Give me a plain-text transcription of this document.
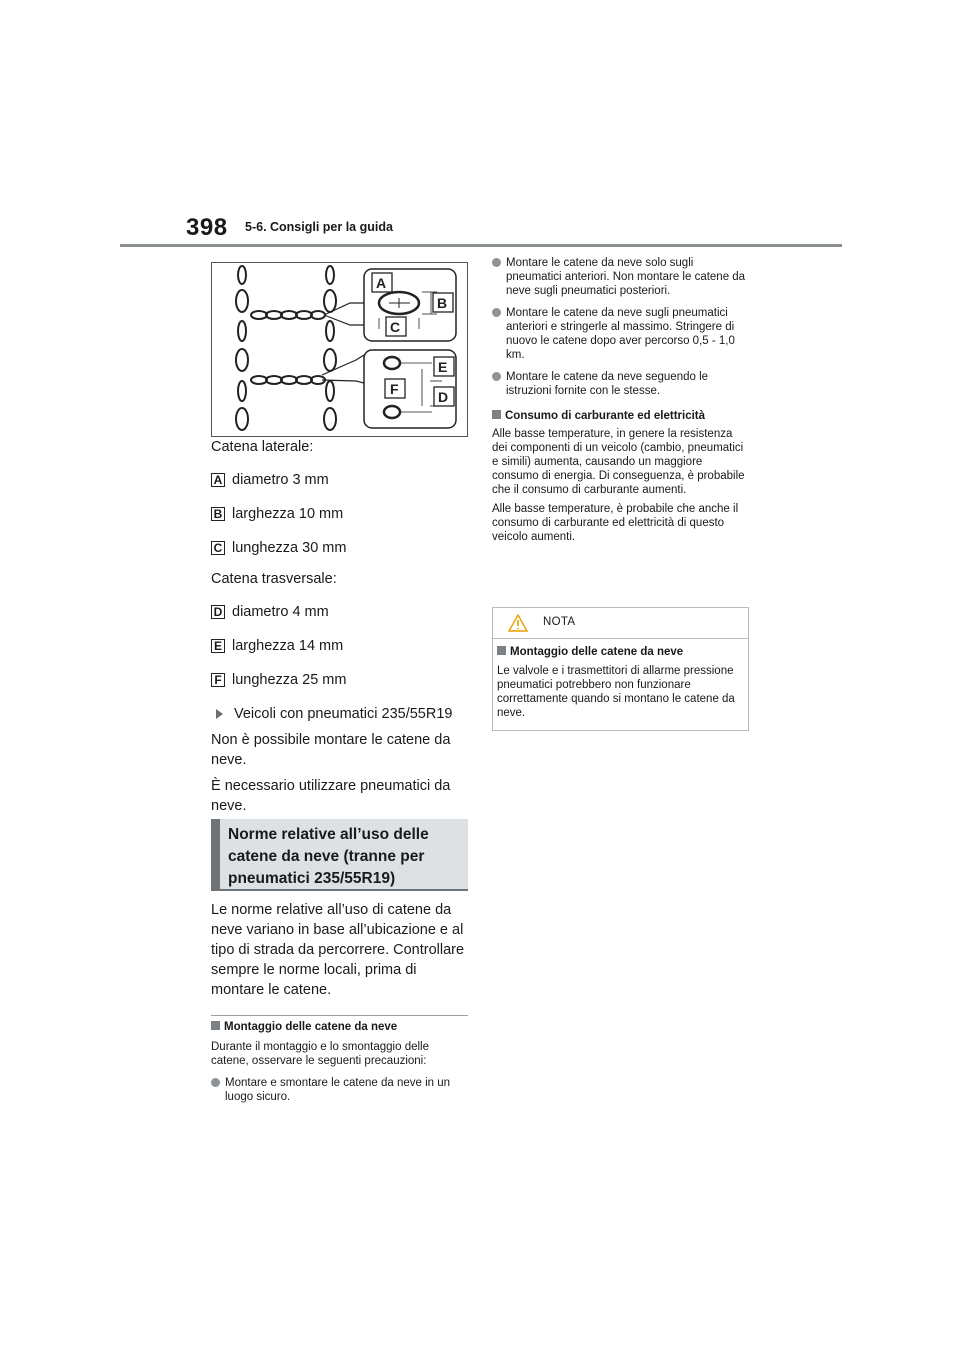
398 5-6. Consigli per la guida
A
B
C
E
F	D
Catena laterale:
A diametro 3 mm
B larghezza 10 mm
C lunghezza 30 mm
Catena trasversale:
D diametro 4 mm
E larghezza 14 mm
F lunghezza 25 mm
Veicoli con pneumatici 235/55R19
Non è possibile montare le catene da neve.
È necessario utilizzare pneumatici da neve.
Norme relative all’uso delle catene da neve (tranne per pneumatici 235/55R19)
Le norme relative all’uso di catene da neve variano in base all’ubicazione e al tipo di strada da percorrere. Controllare sempre le norme locali, prima di montare le catene.
Montaggio delle catene da neve
Durante il montaggio e lo smontaggio delle catene, osservare le seguenti precauzioni:
Montare e smontare le catene da neve in un luogo sicuro.
Montare le catene da neve solo sugli pneumatici anteriori. Non montare le catene da neve sugli pneumatici posteriori.
Montare le catene da neve sugli pneumatici anteriori e stringerle al massimo. Stringere di nuovo le catene dopo aver percorso 0,5 - 1,0 km.
Montare le catene da neve seguendo le istruzioni fornite con le stesse.
Consumo di carburante ed elettricità
Alle basse temperature, in genere la resistenza dei componenti di un veicolo (cambio, pneumatici e simili) aumenta, causando un maggiore consumo di energia. Di conseguenza, è probabile che il consumo di carburante aumenti.
Alle basse temperature, è probabile che anche il consumo di carburante ed elettricità di questo veicolo aumenti.
NOTA
Montaggio delle catene da neve
Le valvole e i trasmettitori di allarme pressione pneumatici potrebbero non funzionare correttamente quando si montano le catene da neve.
